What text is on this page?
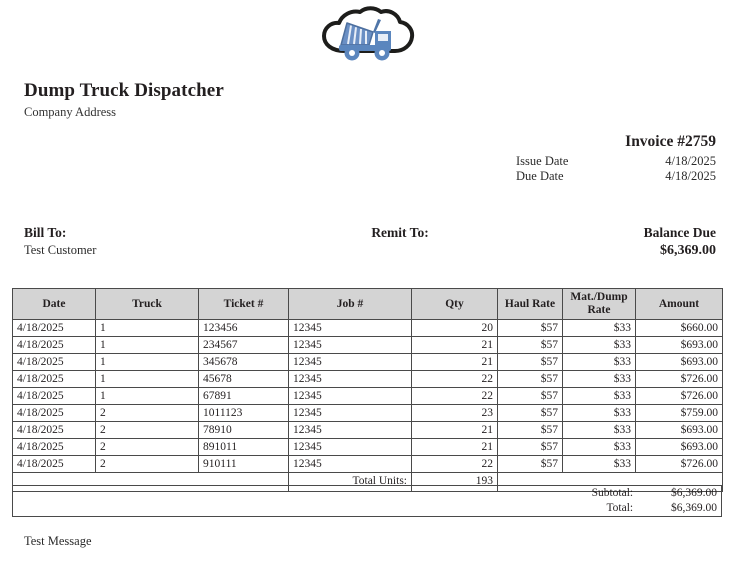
Dump Truck Dispatcher

Company Address

Invoice #2759
Issue Date	4/18/2025
Due Date	4/18/2025

Bill To:

Test Customer

Remit To:	Balance Due

$6,369.00

Date	Truck	Ticket #	Job #	Qty	Haul Rate	Mat./Dump Rate	Amount
4/18/2025	1	123456	12345	20	$57	$33	$660.00
4/18/2025	1	234567	12345	21	$57	$33	$693.00
4/18/2025	1	345678	12345	21	$57	$33	$693.00
4/18/2025	1	45678	12345	22	$57	$33	$726.00
4/18/2025	1	67891	12345	22	$57	$33	$726.00
4/18/2025	2	1011123	12345	23	$57	$33	$759.00
4/18/2025	2	78910	12345	21	$57	$33	$693.00
4/18/2025	2	891011	12345	21	$57	$33	$693.00
4/18/2025	2	910111	12345	22	$57	$33	$726.00
			Total Units:	193			
	Subtotal:	$6,369.00
	Total:	$6,369.00
Test Message
